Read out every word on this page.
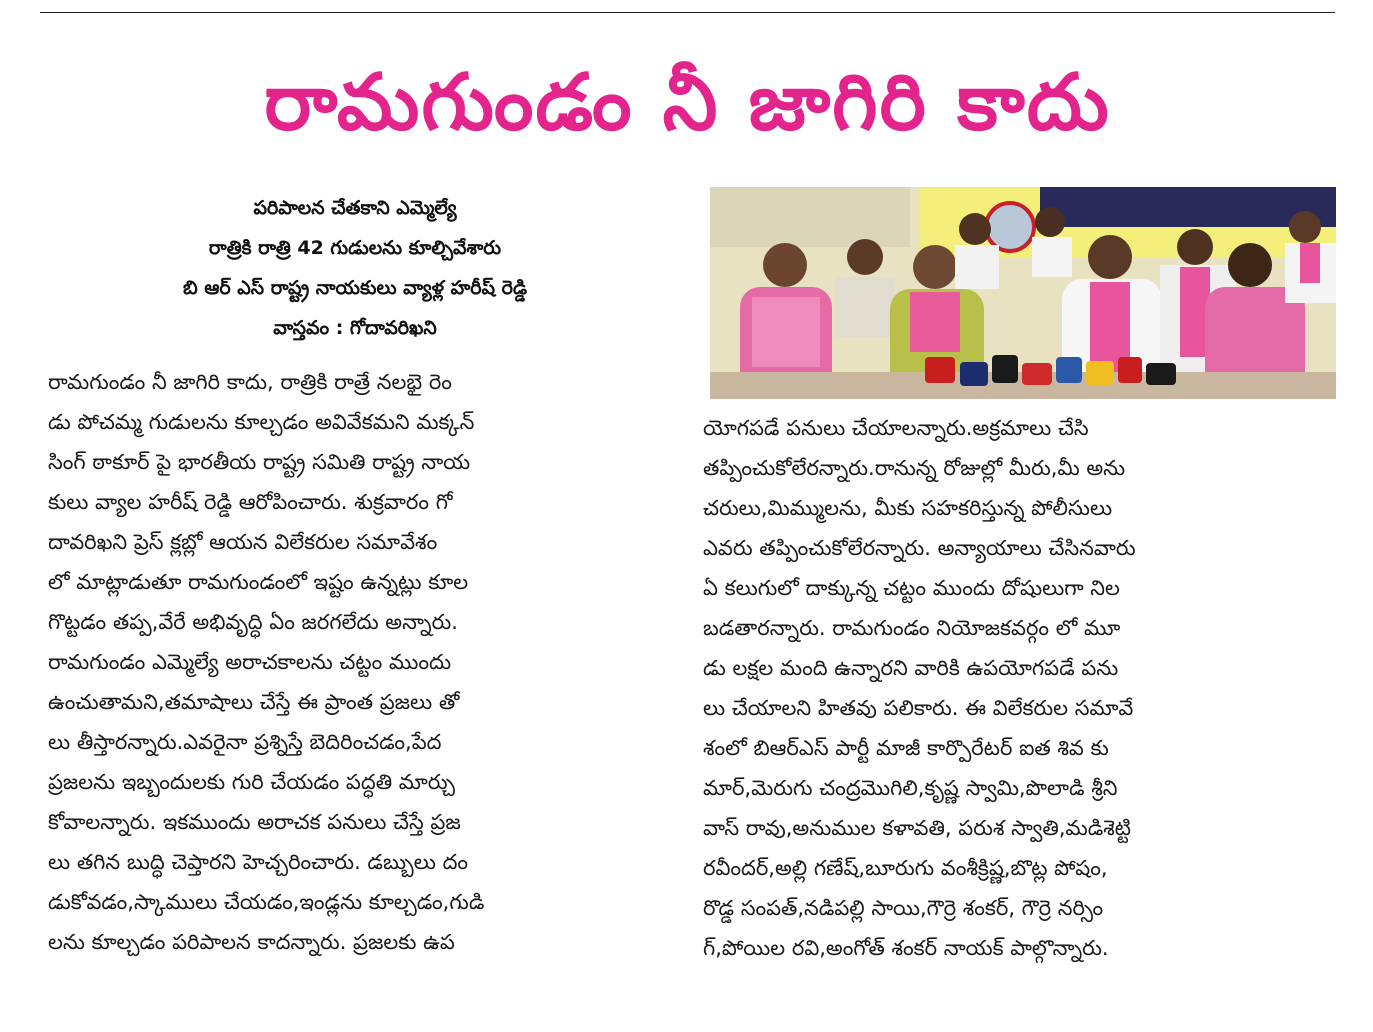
రామగుండం నీ జాగిరి కాదు
పరిపాలన చేతకాని ఎమ్మెల్యే
రాత్రికి రాత్రి 42 గుడులను కూల్చివేశారు
బి ఆర్ ఎస్ రాష్ట్ర నాయకులు వ్యాళ్ల హరీష్ రెడ్డి
వాస్తవం : గోదావరిఖని
రామగుండం నీ జాగిరి కాదు, రాత్రికి రాత్రే నలభై రెం
డు పోచమ్మ గుడులను కూల్చడం అవివేకమని మక్కన్
సింగ్ ఠాకూర్ పై భారతీయ రాష్ట్ర సమితి రాష్ట్ర నాయ
కులు వ్యాల హరీష్ రెడ్డి ఆరోపించారు. శుక్రవారం గో
దావరిఖని ప్రెస్ క్లబ్లో ఆయన విలేకరుల సమావేశం
లో మాట్లాడుతూ రామగుండంలో ఇష్టం ఉన్నట్లు కూల
గొట్టడం తప్ప,వేరే అభివృద్ధి ఏం జరగలేదు అన్నారు.
రామగుండం ఎమ్మెల్యే అరాచకాలను చట్టం ముందు
ఉంచుతామని,తమాషాలు చేస్తే ఈ ప్రాంత ప్రజలు తో
లు తీస్తారన్నారు.ఎవరైనా ప్రశ్నిస్తే బెదిరించడం,పేద
ప్రజలను ఇబ్బందులకు గురి చేయడం పద్ధతి మార్చు
కోవాలన్నారు. ఇకముందు అరాచక పనులు చేస్తే ప్రజ
లు తగిన బుద్ధి చెప్తారని హెచ్చరించారు. డబ్బులు దం
డుకోవడం,స్కాములు చేయడం,ఇండ్లను కూల్చడం,గుడి
లను కూల్చడం పరిపాలన కాదన్నారు. ప్రజలకు ఉప
యోగపడే పనులు చేయాలన్నారు.అక్రమాలు చేసి
తప్పించుకోలేరన్నారు.రానున్న రోజుల్లో మీరు,మీ అను
చరులు,మిమ్ములను, మీకు సహకరిస్తున్న పోలీసులు
ఎవరు తప్పించుకోలేరన్నారు. అన్యాయాలు చేసినవారు
ఏ కలుగులో దాక్కున్న చట్టం ముందు దోషులుగా నిల
బడతారన్నారు. రామగుండం నియోజకవర్గం లో మూ
డు లక్షల మంది ఉన్నారని వారికి ఉపయోగపడే పను
లు చేయాలని హితవు పలికారు. ఈ విలేకరుల సమావే
శంలో బిఆర్ఎస్ పార్టీ మాజీ కార్పొరేటర్ ఐత శివ కు
మార్,మెరుగు చంద్రమొగిలి,కృష్ణ స్వామి,పొలాడి శ్రీని
వాస్ రావు,అనుముల కళావతి, పరుశ స్వాతి,మడిశెట్టి
రవీందర్,అల్లి గణేష్,బూరుగు వంశీక్రిష్ణ,బొట్ల పోషం,
రొడ్డ సంపత్,నడిపల్లి సాయి,గౌర్రె శంకర్, గౌర్రె నర్సిం
గ్,పోయిల రవి,అంగోత్ శంకర్ నాయక్ పాల్గొన్నారు.
